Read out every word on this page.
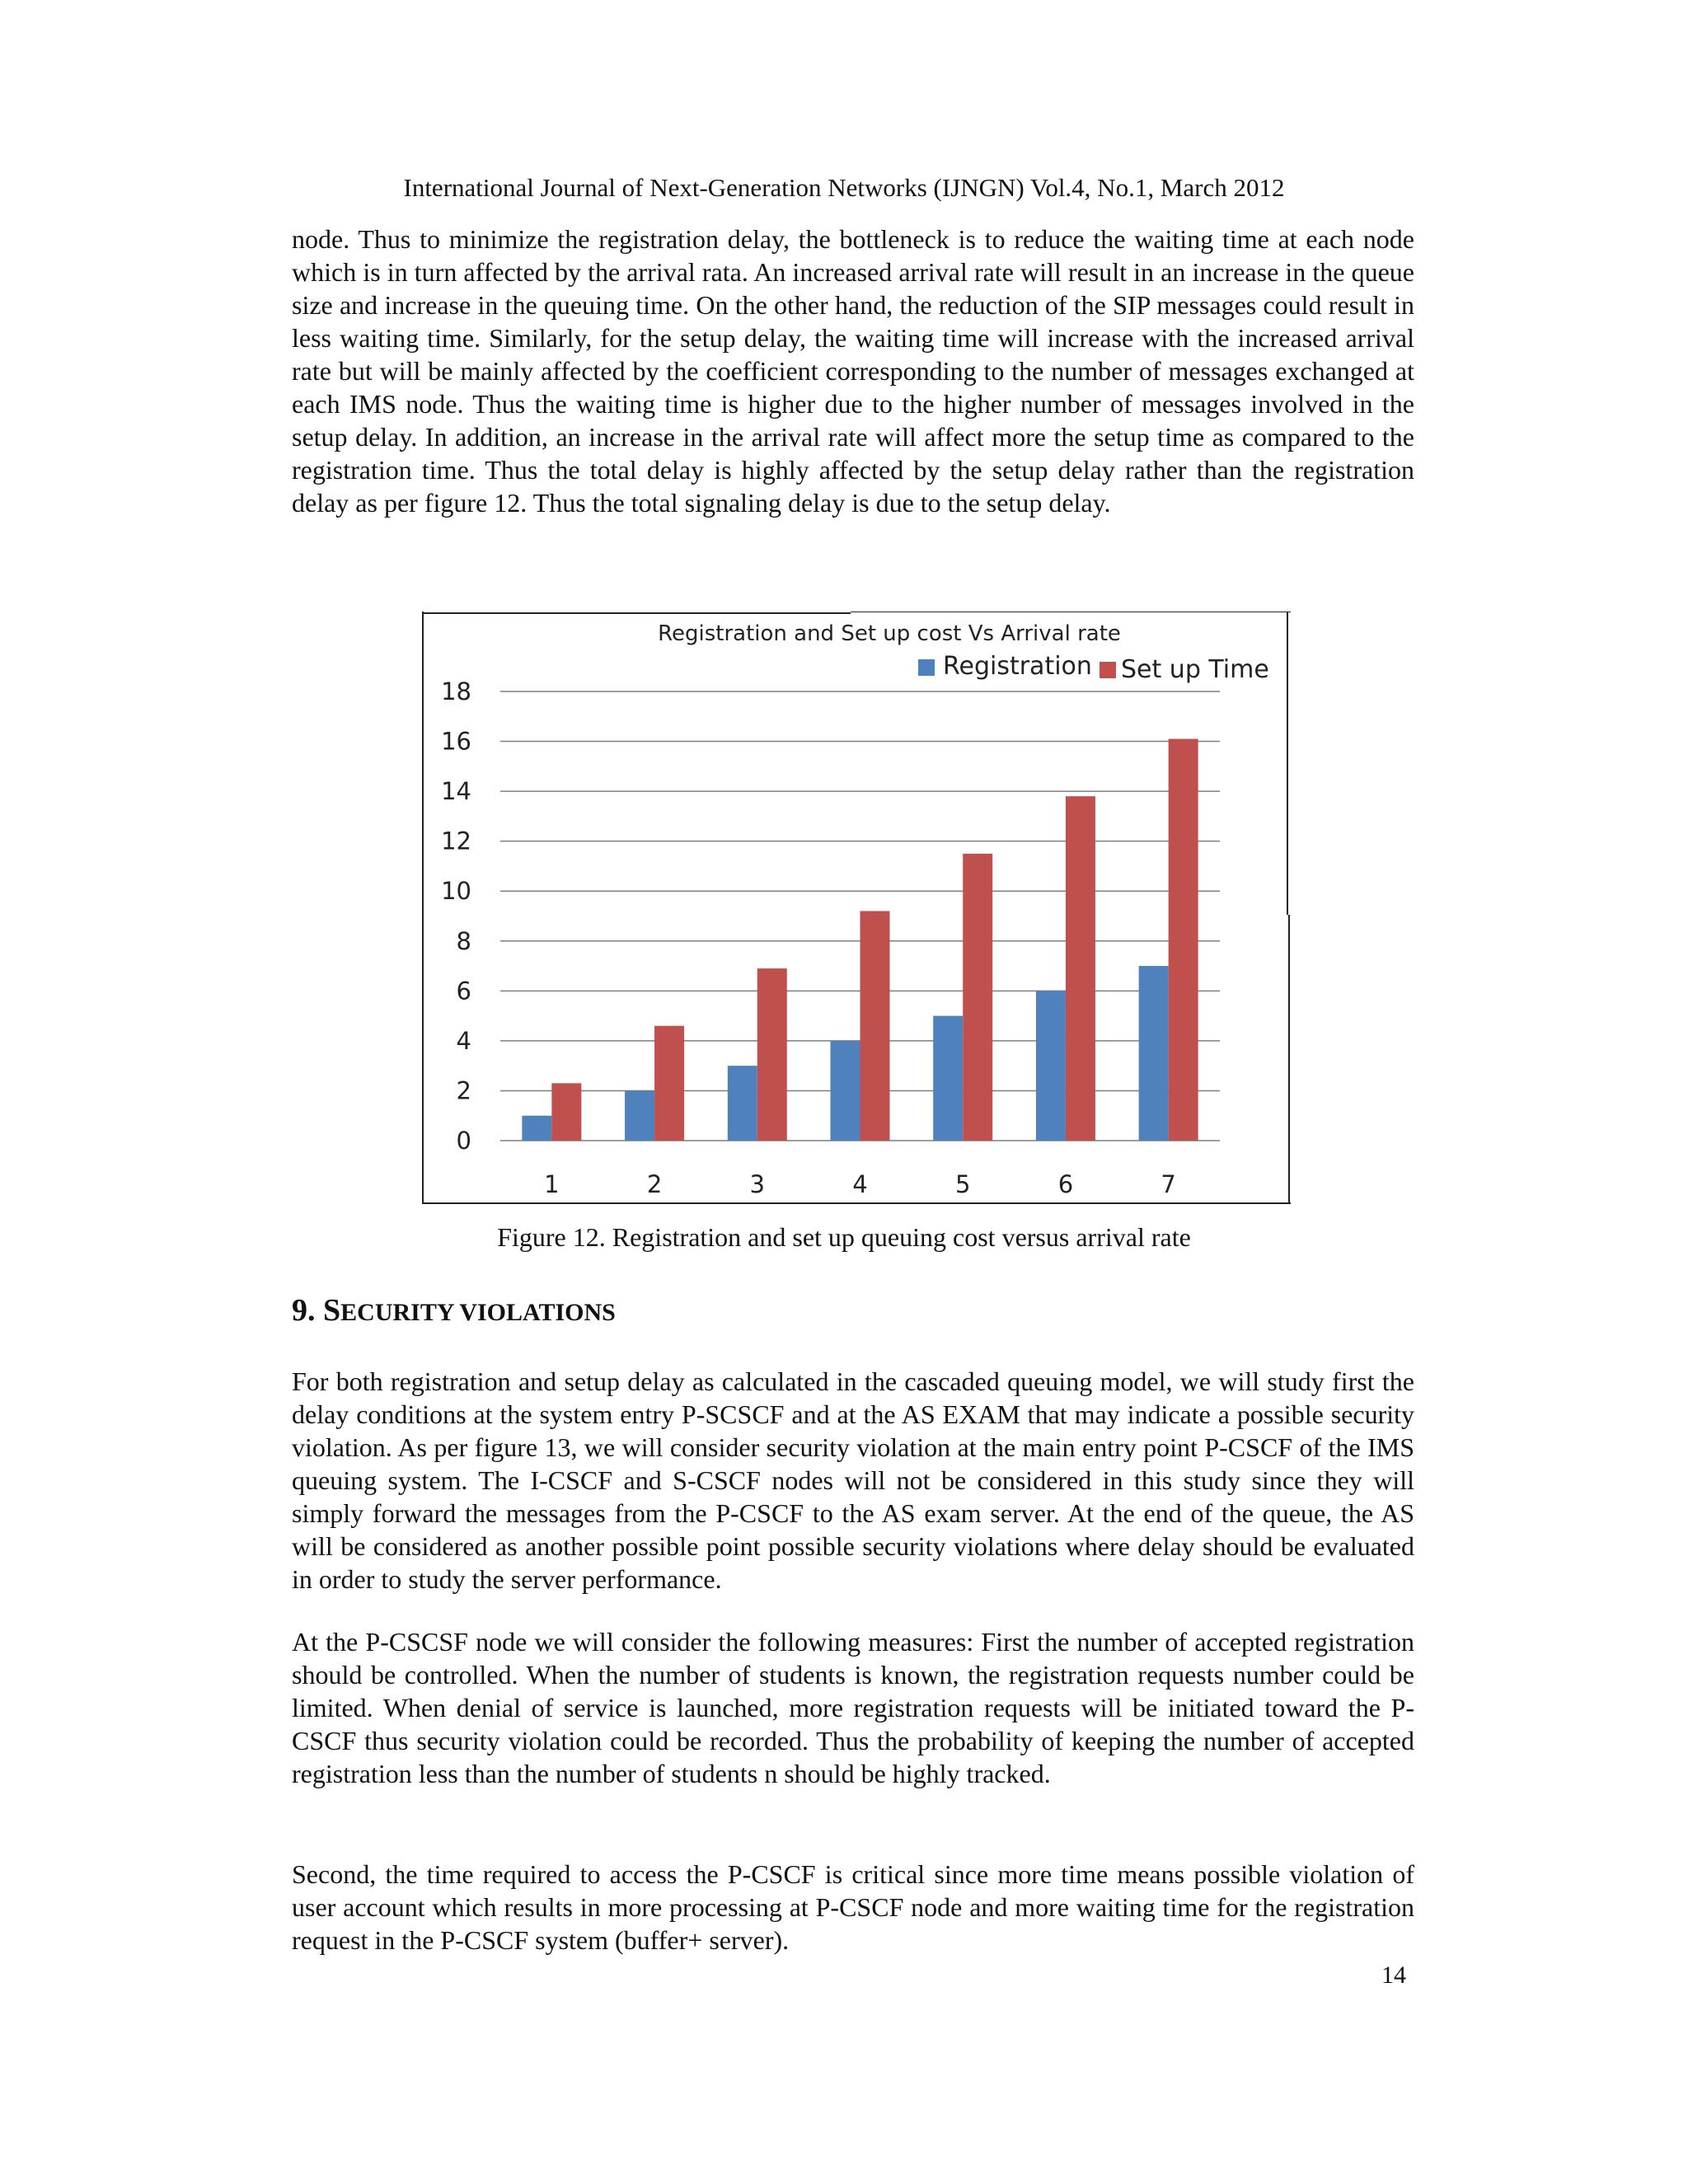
International Journal of Next-Generation Networks (IJNGN) Vol.4, No.1, March 2012

node. Thus to minimize the registration delay, the bottleneck is to reduce the waiting time at each node which is in turn affected by the arrival rata. An increased arrival rate will result in an increase in the queue size and increase in the queuing time. On the other hand, the reduction of the SIP messages could result in less waiting time. Similarly, for the setup delay, the waiting time will increase with the increased arrival rate but will be mainly affected by the coefficient corresponding to the number of messages exchanged at each IMS node. Thus the waiting time is higher due to the higher number of messages involved in the setup delay. In addition, an increase in the arrival rate will affect more the setup time as compared to the registration time. Thus the total delay is highly affected by the setup delay rather than the registration delay as per figure 12. Thus the total signaling delay is due to the setup delay.

Registration and Set up cost Vs Arrival rate
Registration Set up Time
0
2
4
6
8
10
12
14
16
18
1	2	3	4	5	6	7
Figure 12. Registration and set up queuing cost versus arrival rate
9. SECURITY VIOLATIONS

For both registration and setup delay as calculated in the cascaded queuing model, we will study first the delay conditions at the system entry P-SCSCF and at the AS EXAM that may indicate a possible security violation. As per figure 13, we will consider security violation at the main entry point P-CSCF of the IMS queuing system. The I-CSCF and S-CSCF nodes will not be considered in this study since they will simply forward the messages from the P-CSCF to the AS exam server. At the end of the queue, the AS will be considered as another possible point possible security violations where delay should be evaluated in order to study the server performance.

At the P-CSCSF node we will consider the following measures: First the number of accepted registration should be controlled. When the number of students is known, the registration requests number could be limited. When denial of service is launched, more registration requests will be initiated toward the P-CSCF thus security violation could be recorded. Thus the probability of keeping the number of accepted registration less than the number of students n should be highly tracked.

Second, the time required to access the P-CSCF is critical since more time means possible violation of user account which results in more processing at P-CSCF node and more waiting time for the registration request in the P-CSCF system (buffer+ server).

14
